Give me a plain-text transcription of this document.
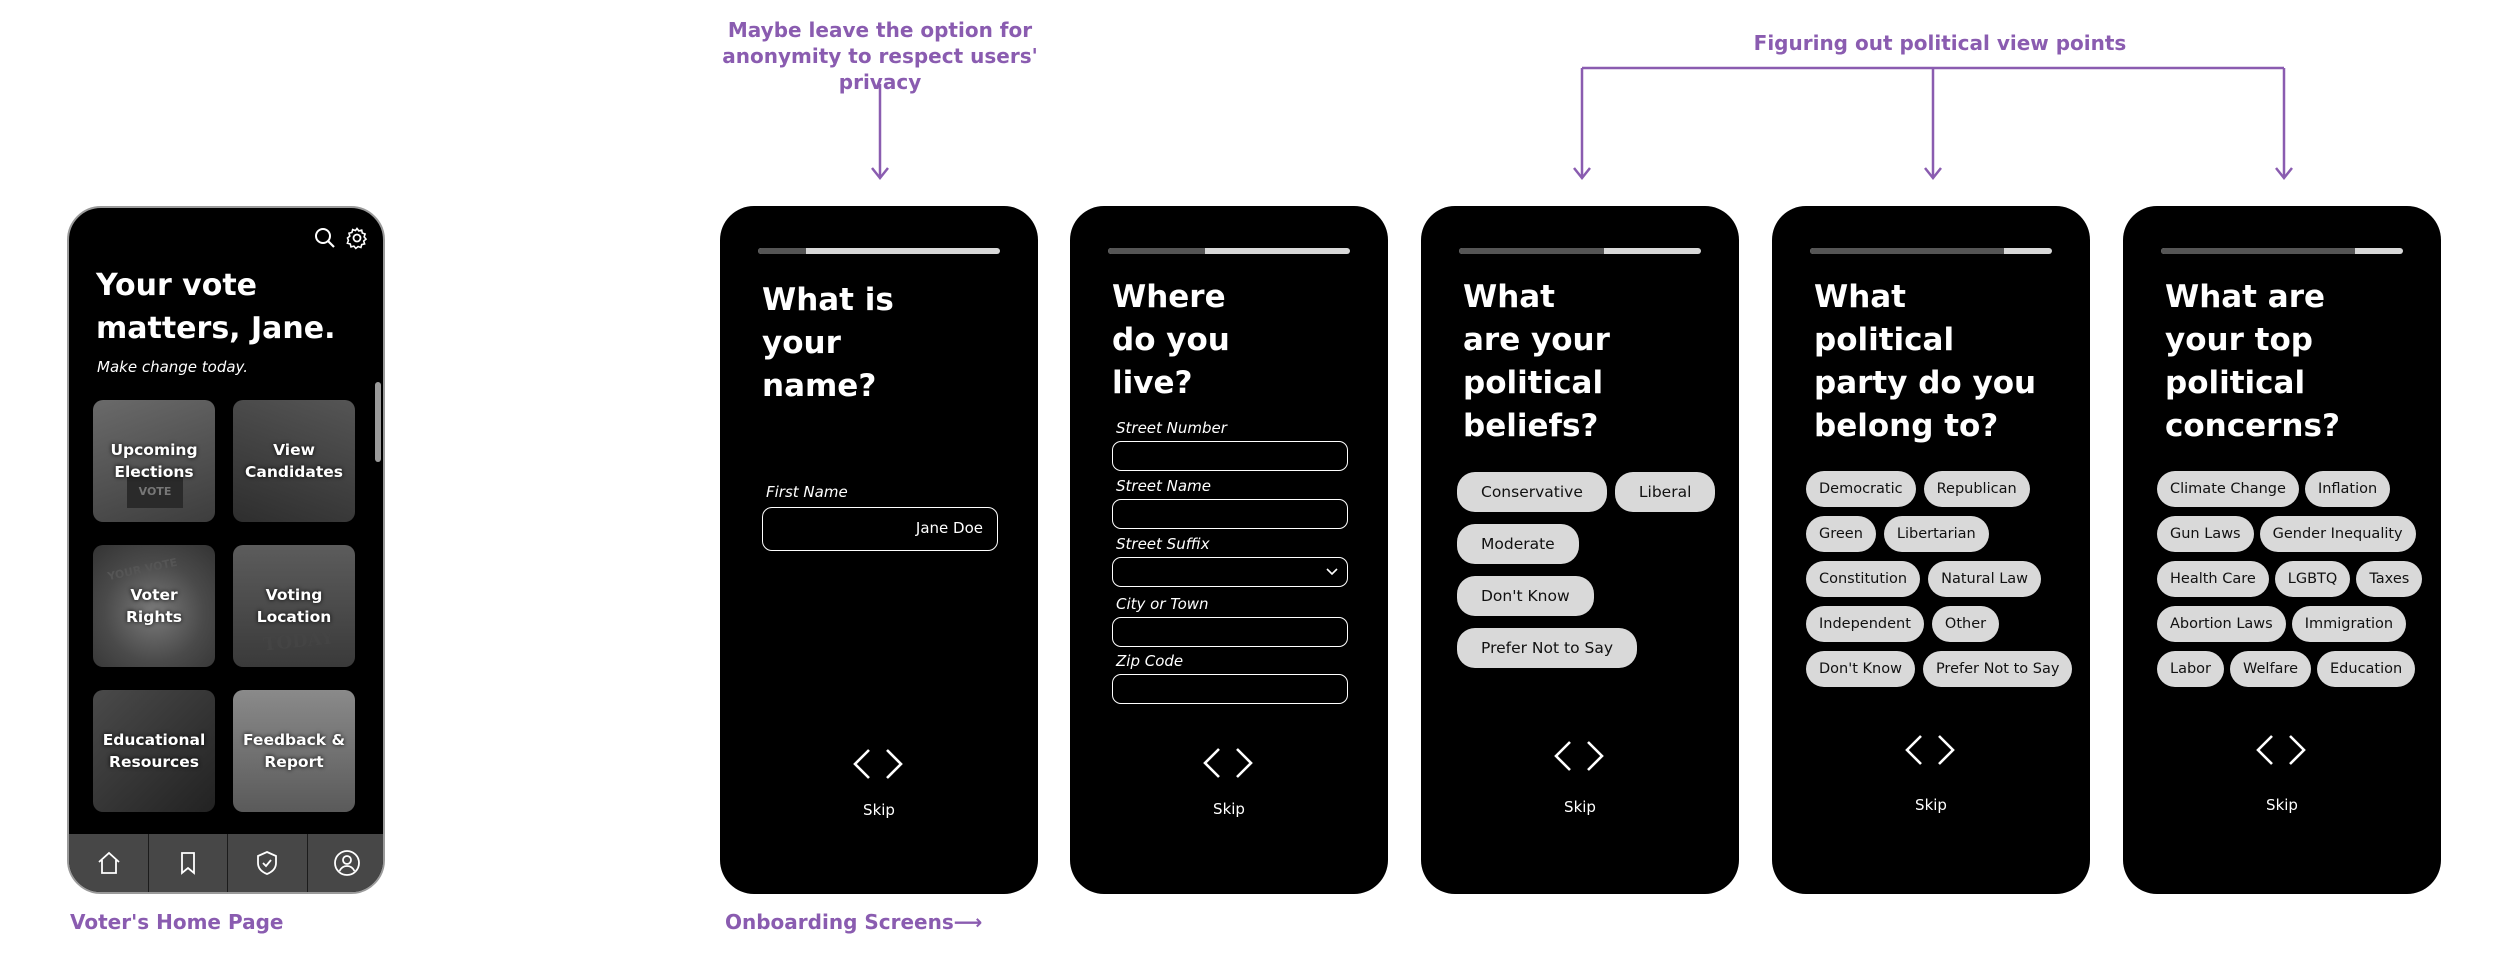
Maybe leave the option for
anonymity to respect users' privacy
Figuring out political view points
Voter's Home Page	Onboarding Screens⟶
Your vote
matters, Jane.
Make change today.
VOTE
Upcoming
Elections
View
Candidates
YOUR VOTE
Voter
Rights
TODAY
Voting
Location
Educational
Resources
Feedback &
Report
What is
your
name?
First Name
Jane Doe
Skip
Where
do you
live?
Street Number
Street Name
Street Suffix
City or Town
Zip Code
Skip
What
are your
political
beliefs?
Conservative	Liberal
Moderate
Don't Know
Prefer Not to Say
Skip
What
political
party do you
belong to?
Democratic	Republican
Green	Libertarian
Constitution	Natural Law
Independent	Other
Don't Know	Prefer Not to Say
Skip
What are
your top
political
concerns?
Climate Change	Inflation
Gun Laws	Gender Inequality
Health Care	LGBTQ	Taxes
Abortion Laws	Immigration
Labor	Welfare	Education
Skip
